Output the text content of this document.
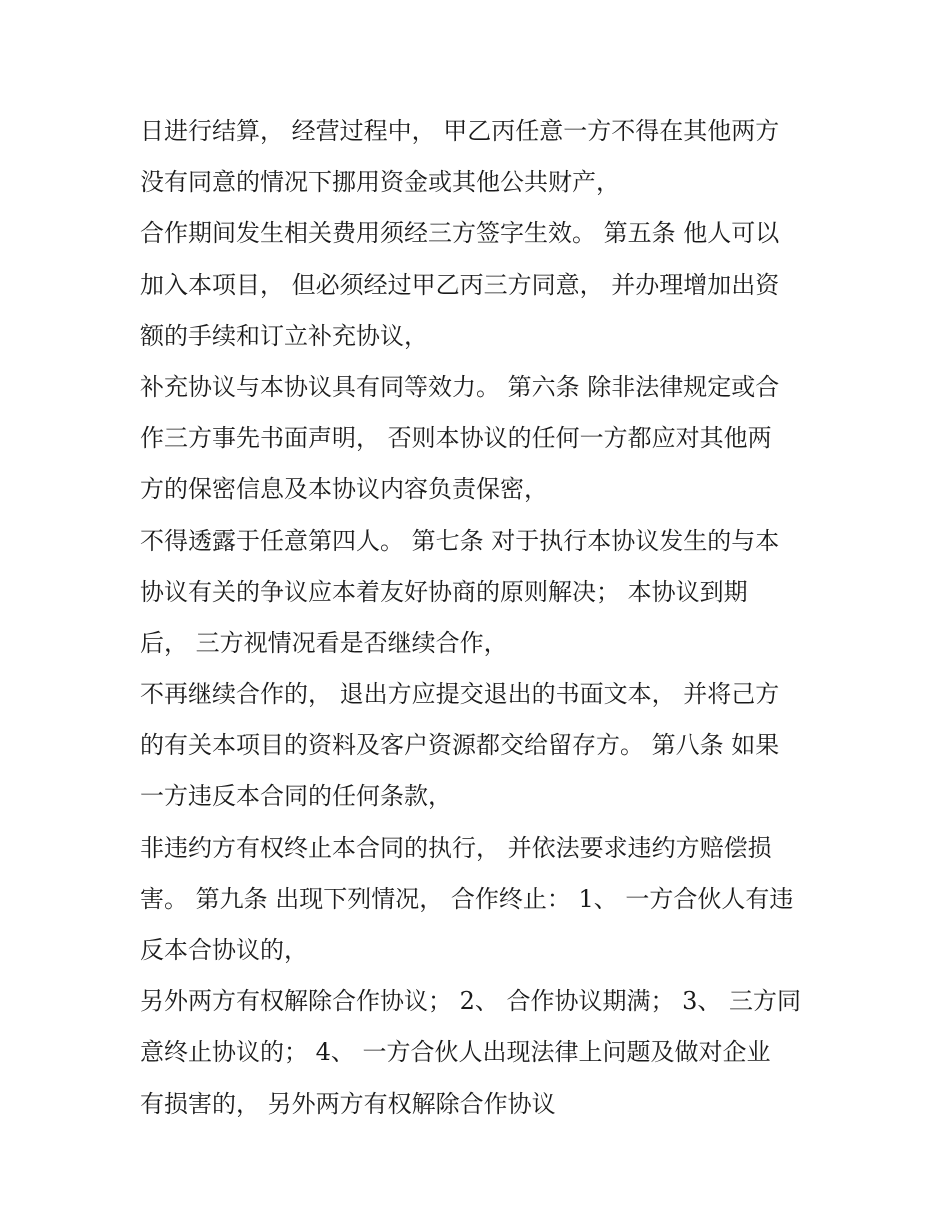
日进行结算， 经营过程中， 甲乙丙任意一方不得在其他两方
没有同意的情况下挪用资金或其他公共财产，
合作期间发生相关费用须经三方签字生效。 第五条 他人可以
加入本项目， 但必须经过甲乙丙三方同意， 并办理增加出资
额的手续和订立补充协议，
补充协议与本协议具有同等效力。 第六条 除非法律规定或合
作三方事先书面声明， 否则本协议的任何一方都应对其他两
方的保密信息及本协议内容负责保密，
不得透露于任意第四人。 第七条 对于执行本协议发生的与本
协议有关的争议应本着友好协商的原则解决； 本协议到期
后， 三方视情况看是否继续合作，
不再继续合作的， 退出方应提交退出的书面文本， 并将己方
的有关本项目的资料及客户资源都交给留存方。 第八条 如果
一方违反本合同的任何条款，
非违约方有权终止本合同的执行， 并依法要求违约方赔偿损
害。 第九条 出现下列情况， 合作终止： 1、 一方合伙人有违
反本合协议的，
另外两方有权解除合作协议； 2、 合作协议期满； 3、 三方同
意终止协议的； 4、 一方合伙人出现法律上问题及做对企业
有损害的， 另外两方有权解除合作协议
